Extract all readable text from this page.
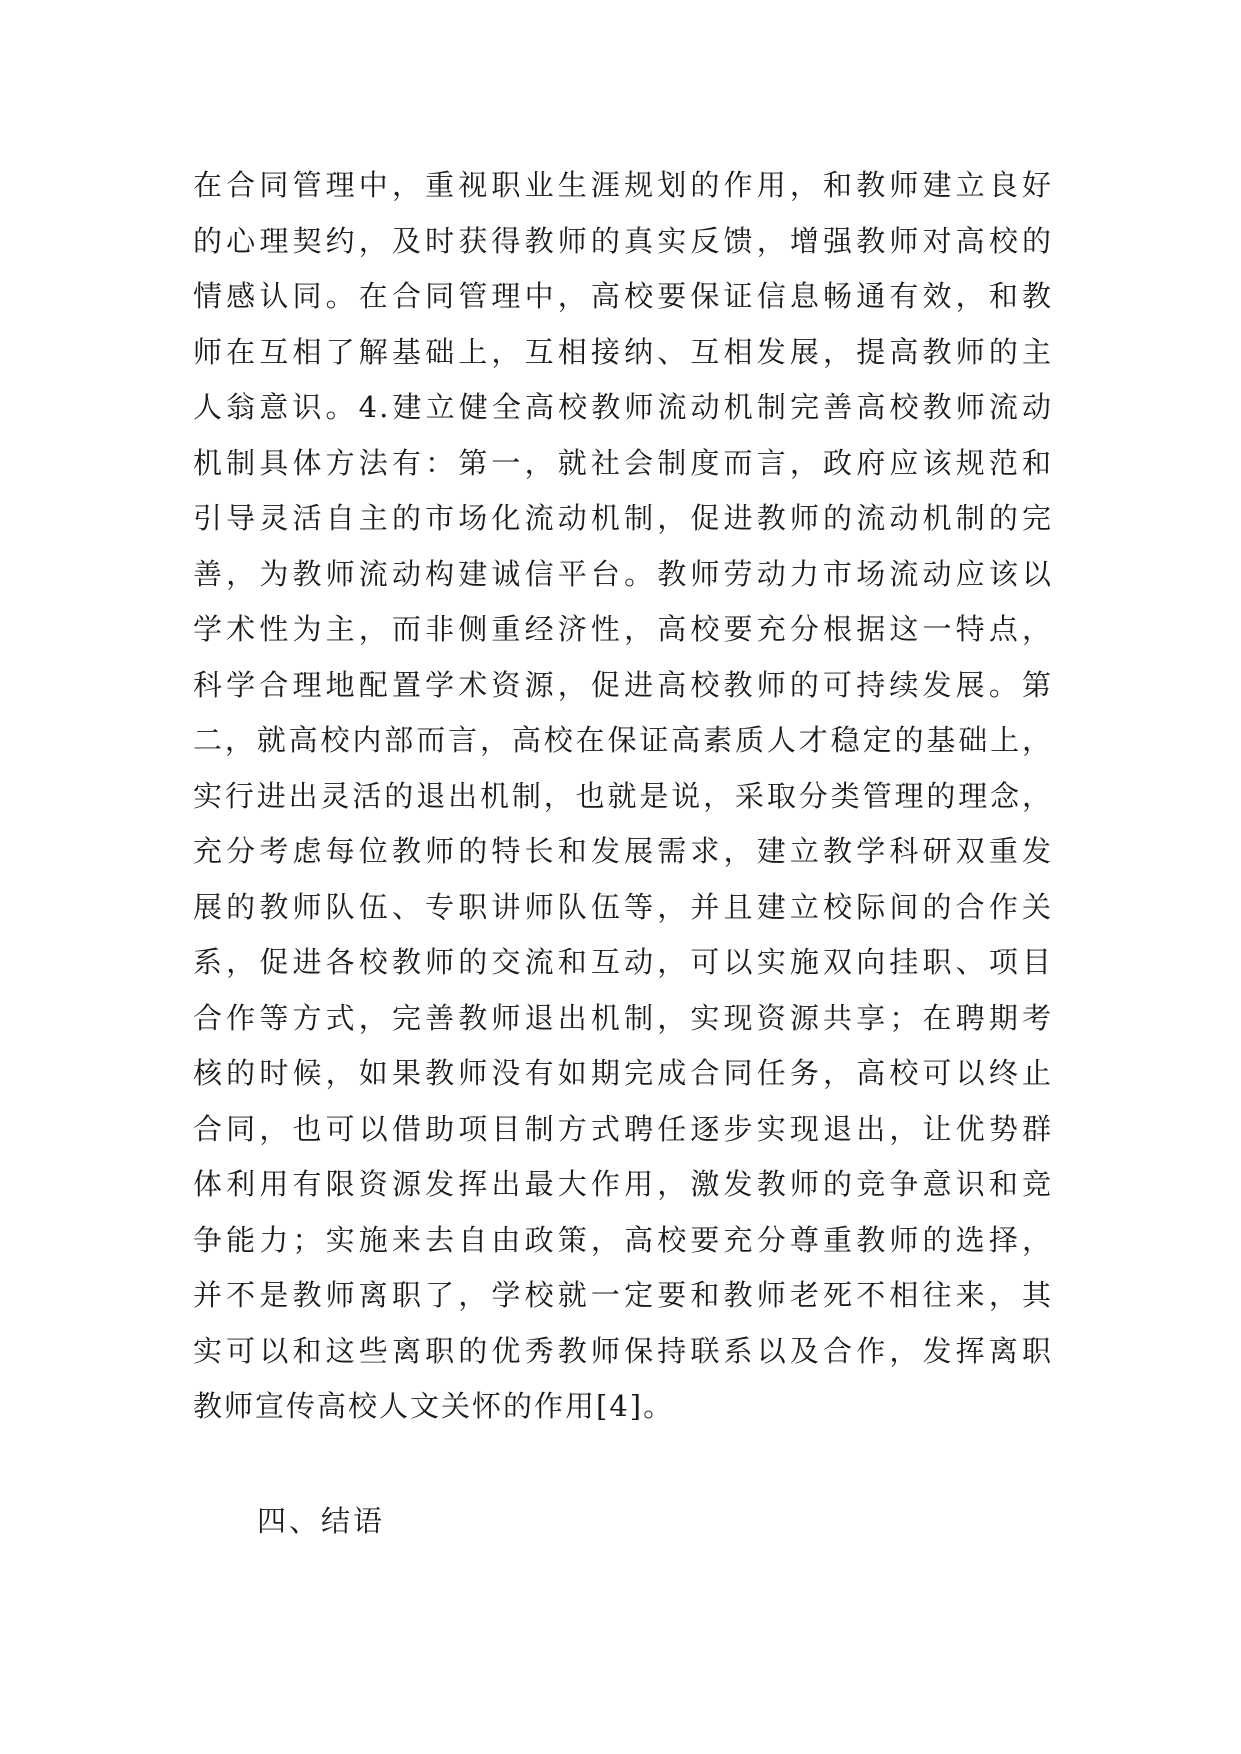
在合同管理中，重视职业生涯规划的作用，和教师建立良好
的心理契约，及时获得教师的真实反馈，增强教师对高校的
情感认同。在合同管理中，高校要保证信息畅通有效，和教
师在互相了解基础上，互相接纳、互相发展，提高教师的主
人翁意识。4.建立健全高校教师流动机制完善高校教师流动
机制具体方法有：第一，就社会制度而言，政府应该规范和
引导灵活自主的市场化流动机制，促进教师的流动机制的完
善，为教师流动构建诚信平台。教师劳动力市场流动应该以
学术性为主，而非侧重经济性，高校要充分根据这一特点，
科学合理地配置学术资源，促进高校教师的可持续发展。第
二，就高校内部而言，高校在保证高素质人才稳定的基础上，
实行进出灵活的退出机制，也就是说，采取分类管理的理念，
充分考虑每位教师的特长和发展需求，建立教学科研双重发
展的教师队伍、专职讲师队伍等，并且建立校际间的合作关
系，促进各校教师的交流和互动，可以实施双向挂职、项目
合作等方式，完善教师退出机制，实现资源共享；在聘期考
核的时候，如果教师没有如期完成合同任务，高校可以终止
合同，也可以借助项目制方式聘任逐步实现退出，让优势群
体利用有限资源发挥出最大作用，激发教师的竞争意识和竞
争能力；实施来去自由政策，高校要充分尊重教师的选择，
并不是教师离职了，学校就一定要和教师老死不相往来，其
实可以和这些离职的优秀教师保持联系以及合作，发挥离职
教师宣传高校人文关怀的作用[4]。
四、结语
